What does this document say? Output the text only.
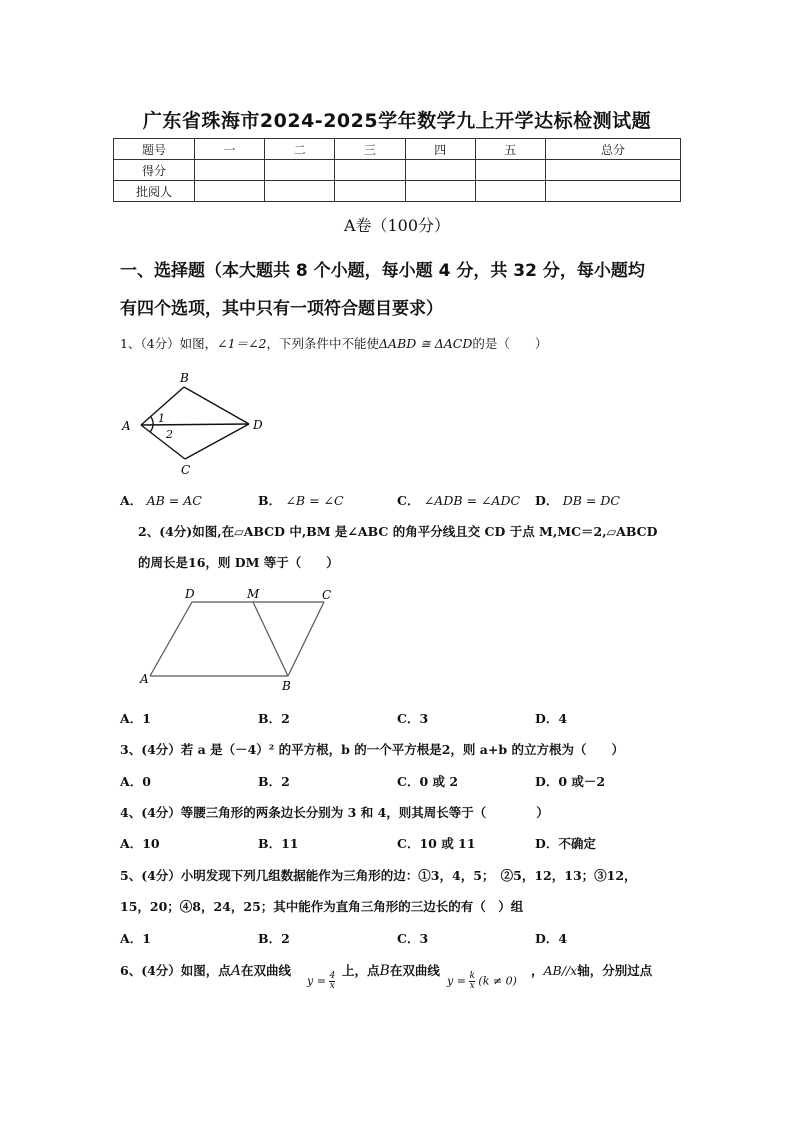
广东省珠海市2024-2025学年数学九上开学达标检测试题
题号	一	二	三	四	五	总分
得分						
批阅人						
A卷（100分）
一、选择题（本大题共 8 个小题，每小题 4 分，共 32 分，每小题均
有四个选项，其中只有一项符合题目要求）
1、（4分）如图，∠1＝∠2，下列条件中不能使ΔABD ≅ ΔACD的是（　　）
A
B
C
D
1
2
A． AB = AC	B． ∠B = ∠C	C． ∠ADB = ∠ADC D． DB = DC
2、(4分)如图,在▱ABCD 中,BM 是∠ABC 的角平分线且交 CD 于点 M,MC＝2,▱ABCD
的周长是16，则 DM 等于（　　）
A	B
C
D	M
A．1	B．2	C．3	D．4
3、(4分）若 a 是（－4）² 的平方根，b 的一个平方根是2，则 a+b 的立方根为（　　）
A．0	B．2	C．0 或 2	D．0 或－2
4、(4分）等腰三角形的两条边长分别为 3 和 4，则其周长等于（　　　　）
A．10	B．11	C．10 或 11	D．不确定
5、(4分）小明发现下列几组数据能作为三角形的边：①3，4，5；　②5，12，13；③12，
15，20；④8，24，25；其中能作为直角三角形的三边长的有（　）组
A．1	B．2	C．3	D．4
6、(4分）如图，点A在双曲线
$y = \frac{4}{x}$
上，点B在双曲线
$y = \frac{k}{x} (k \ne 0)$
，AB//x轴，分别过点
